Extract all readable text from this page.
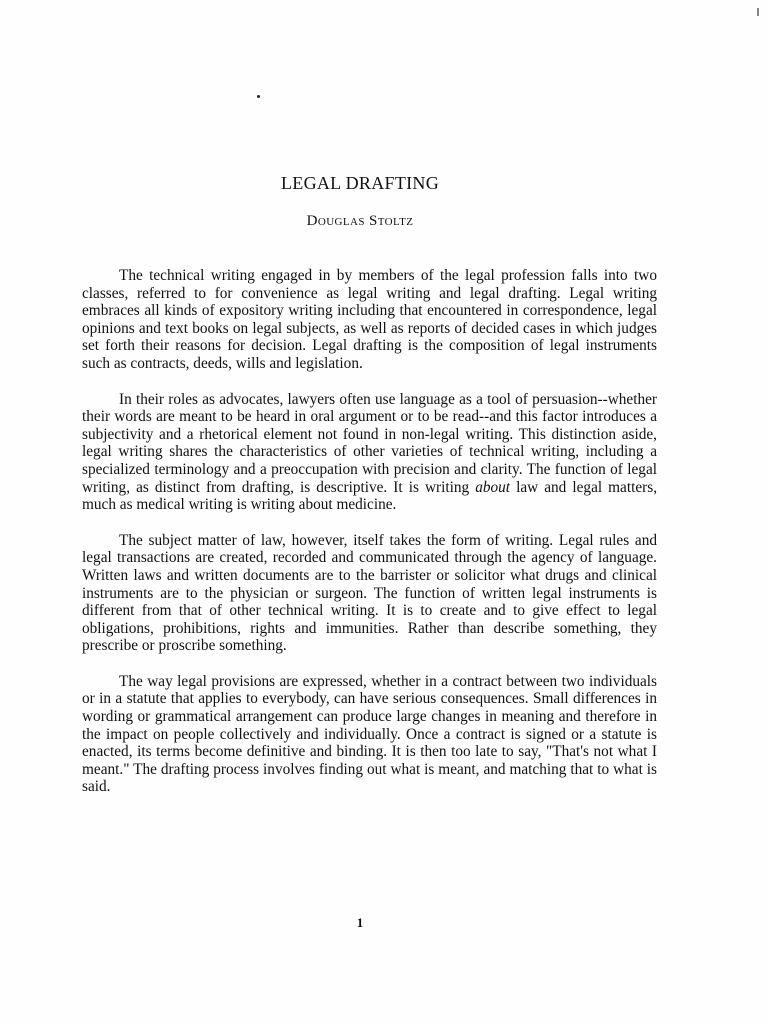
LEGAL DRAFTING
Douglas Stoltz

The technical writing engaged in by members of the legal profession falls into two classes, referred to for convenience as legal writing and legal drafting. Legal writing embraces all kinds of expository writing including that encountered in correspondence, legal opinions and text books on legal subjects, as well as reports of decided cases in which judges set forth their reasons for decision. Legal drafting is the composition of legal instruments such as contracts, deeds, wills and legislation.

In their roles as advocates, lawyers often use language as a tool of persuasion--whether their words are meant to be heard in oral argument or to be read--and this factor introduces a subjectivity and a rhetorical element not found in non-legal writing. This distinction aside, legal writing shares the characteristics of other varieties of technical writing, including a specialized terminology and a preoccupation with precision and clarity. The function of legal writing, as distinct from drafting, is descriptive. It is writing about law and legal matters, much as medical writing is writing about medicine.

The subject matter of law, however, itself takes the form of writing. Legal rules and legal transactions are created, recorded and communicated through the agency of language. Written laws and written documents are to the barrister or solicitor what drugs and clinical instruments are to the physician or surgeon. The function of written legal instruments is different from that of other technical writing. It is to create and to give effect to legal obligations, prohibitions, rights and immunities. Rather than describe something, they prescribe or proscribe something.

The way legal provisions are expressed, whether in a contract between two individuals or in a statute that applies to everybody, can have serious consequences. Small differences in wording or grammatical arrangement can produce large changes in meaning and therefore in the impact on people collectively and individually. Once a contract is signed or a statute is enacted, its terms become definitive and binding. It is then too late to say, "That's not what I meant." The drafting process involves finding out what is meant, and matching that to what is said.

1
